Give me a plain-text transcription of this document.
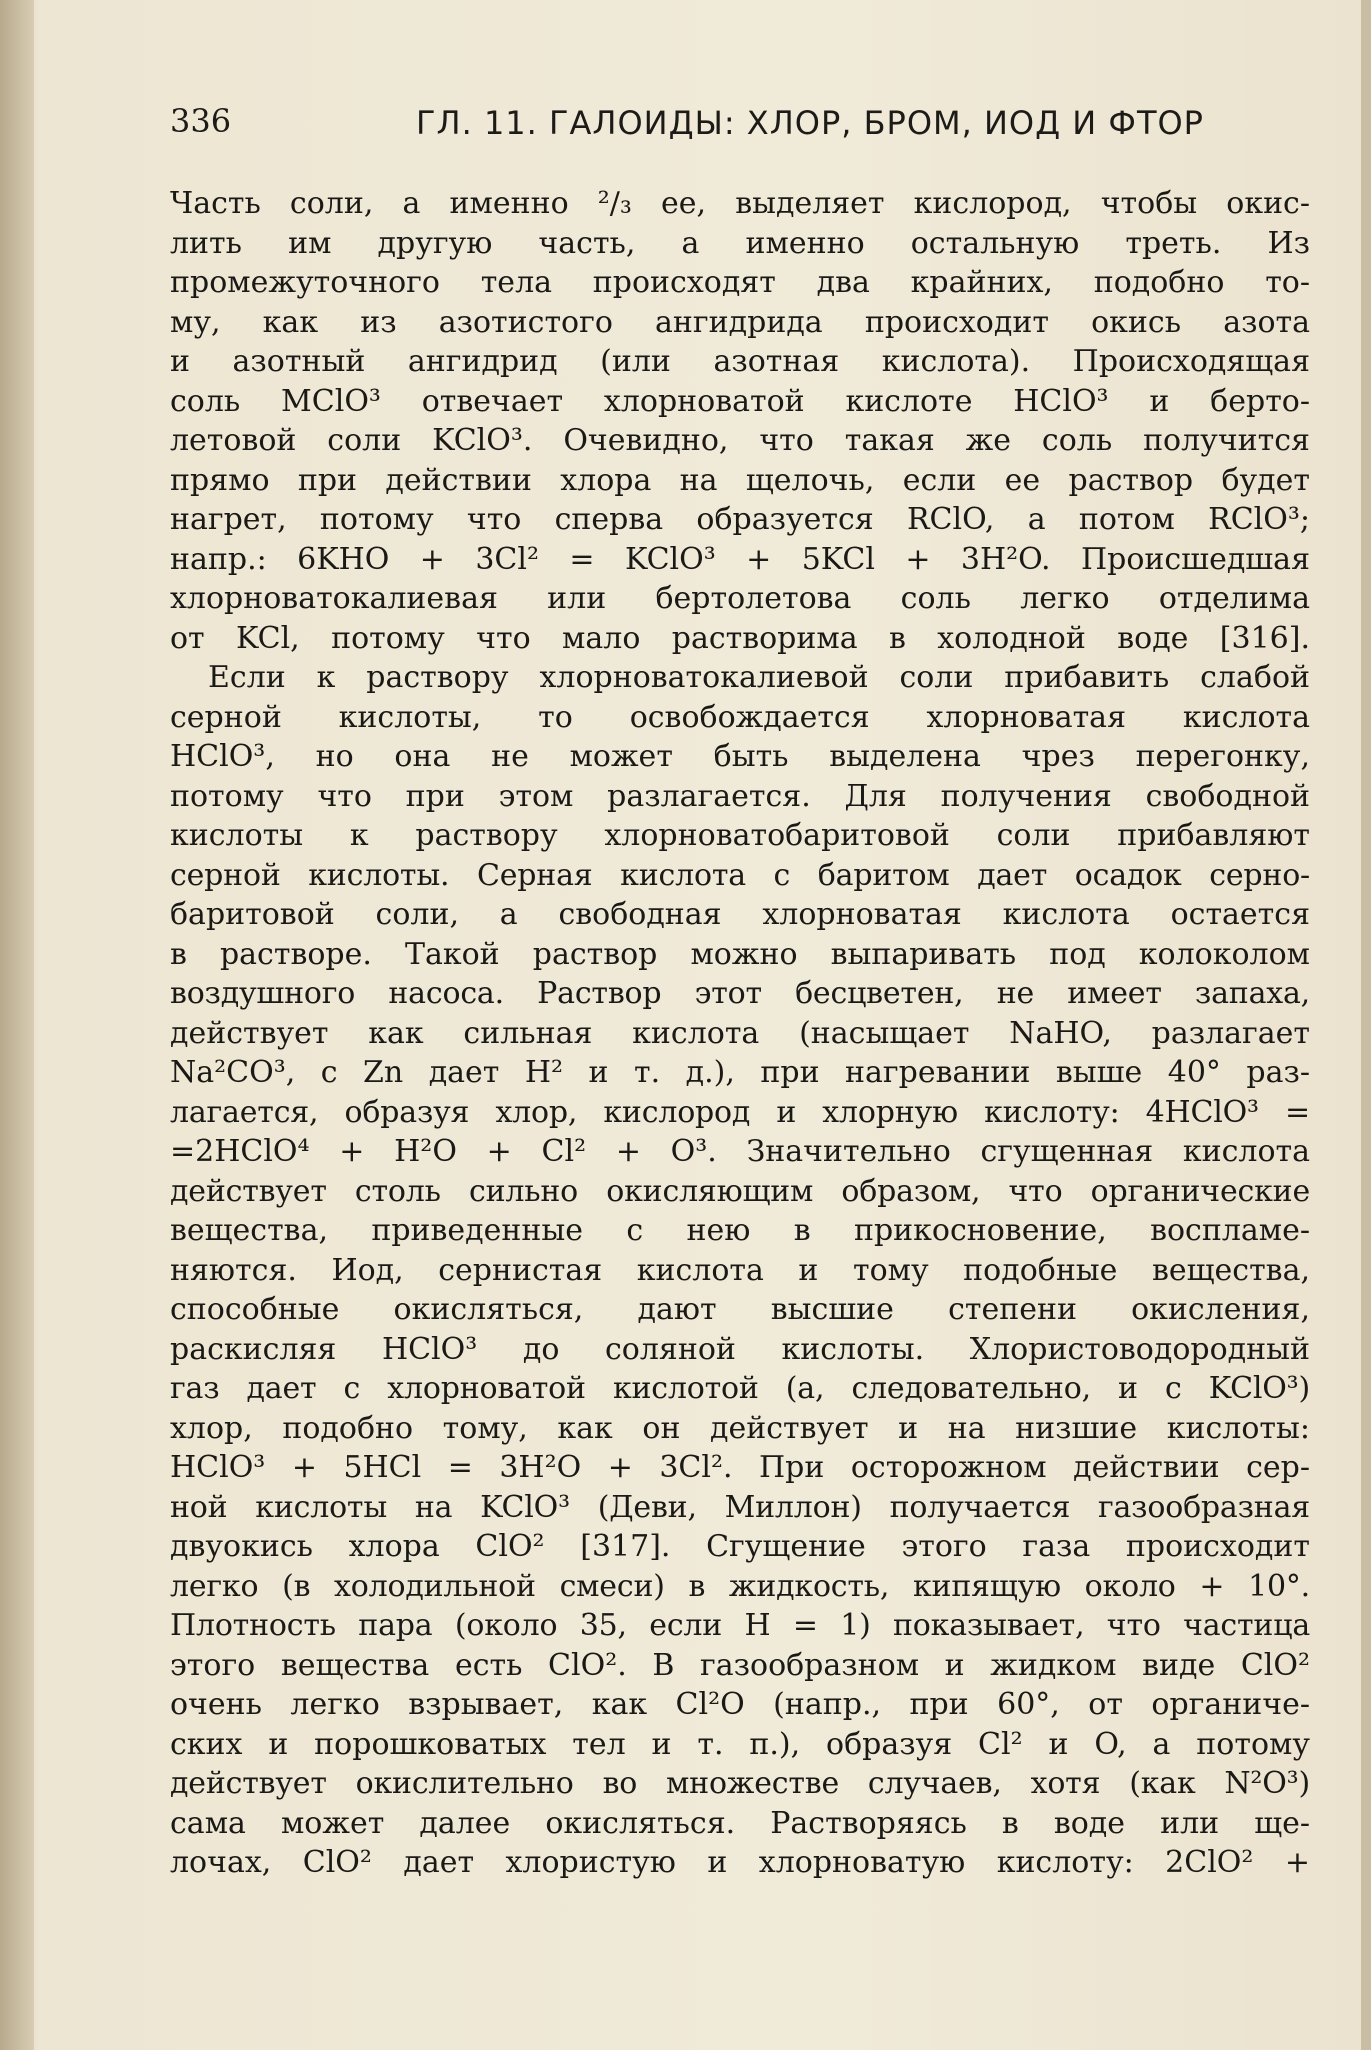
336	ГЛ. 11. ГАЛОИДЫ: ХЛОР, БРОМ, ИОД И ФТОР
Часть соли, а именно ²/₃ ее, выделяет кислород, чтобы окис-
лить им другую часть, а именно остальную треть. Из
промежуточного тела происходят два крайних, подобно то-
му, как из азотистого ангидрида происходит окись азота
и азотный ангидрид (или азотная кислота). Происходящая
соль MClO³ отвечает хлорноватой кислоте HClO³ и берто-
летовой соли KClO³. Очевидно, что такая же соль получится
прямо при действии хлора на щелочь, если ее раствор будет
нагрет, потому что сперва образуется RClO, а потом RClO³;
напр.: 6KHO + 3Cl² = KClO³ + 5KCl + 3H²O. Происшедшая
хлорноватокалиевая или бертолетова соль легко отделима
от KCl, потому что мало растворима в холодной воде [316].
Если к раствору хлорноватокалиевой соли прибавить слабой
серной кислоты, то освобождается хлорноватая кислота
HClO³, но она не может быть выделена чрез перегонку,
потому что при этом разлагается. Для получения свободной
кислоты к раствору хлорноватобаритовой соли прибавляют
серной кислоты. Серная кислота с баритом дает осадок серно-
баритовой соли, а свободная хлорноватая кислота остается
в растворе. Такой раствор можно выпаривать под колоколом
воздушного насоса. Раствор этот бесцветен, не имеет запаха,
действует как сильная кислота (насыщает NaHO, разлагает
Na²CO³, с Zn дает H² и т. д.), при нагревании выше 40° раз-
лагается, образуя хлор, кислород и хлорную кислоту: 4HClO³ =
=2HClO⁴ + H²O + Cl² + O³. Значительно сгущенная кислота
действует столь сильно окисляющим образом, что органические
вещества, приведенные с нею в прикосновение, воспламе-
няются. Иод, сернистая кислота и тому подобные вещества,
способные окисляться, дают высшие степени окисления,
раскисляя HClO³ до соляной кислоты. Хлористоводородный
газ дает с хлорноватой кислотой (а, следовательно, и с KClO³)
хлор, подобно тому, как он действует и на низшие кислоты:
HClO³ + 5HCl = 3H²O + 3Cl². При осторожном действии сер-
ной кислоты на KClO³ (Деви, Миллон) получается газообразная
двуокись хлора ClO² [317]. Сгущение этого газа происходит
легко (в холодильной смеси) в жидкость, кипящую около + 10°.
Плотность пара (около 35, если H = 1) показывает, что частица
этого вещества есть ClO². В газообразном и жидком виде ClO²
очень легко взрывает, как Cl²O (напр., при 60°, от органиче-
ских и порошковатых тел и т. п.), образуя Cl² и O, а потому
действует окислительно во множестве случаев, хотя (как N²O³)
сама может далее окисляться. Растворяясь в воде или ще-
лочах, ClO² дает хлористую и хлорноватую кислоту: 2ClO² +
